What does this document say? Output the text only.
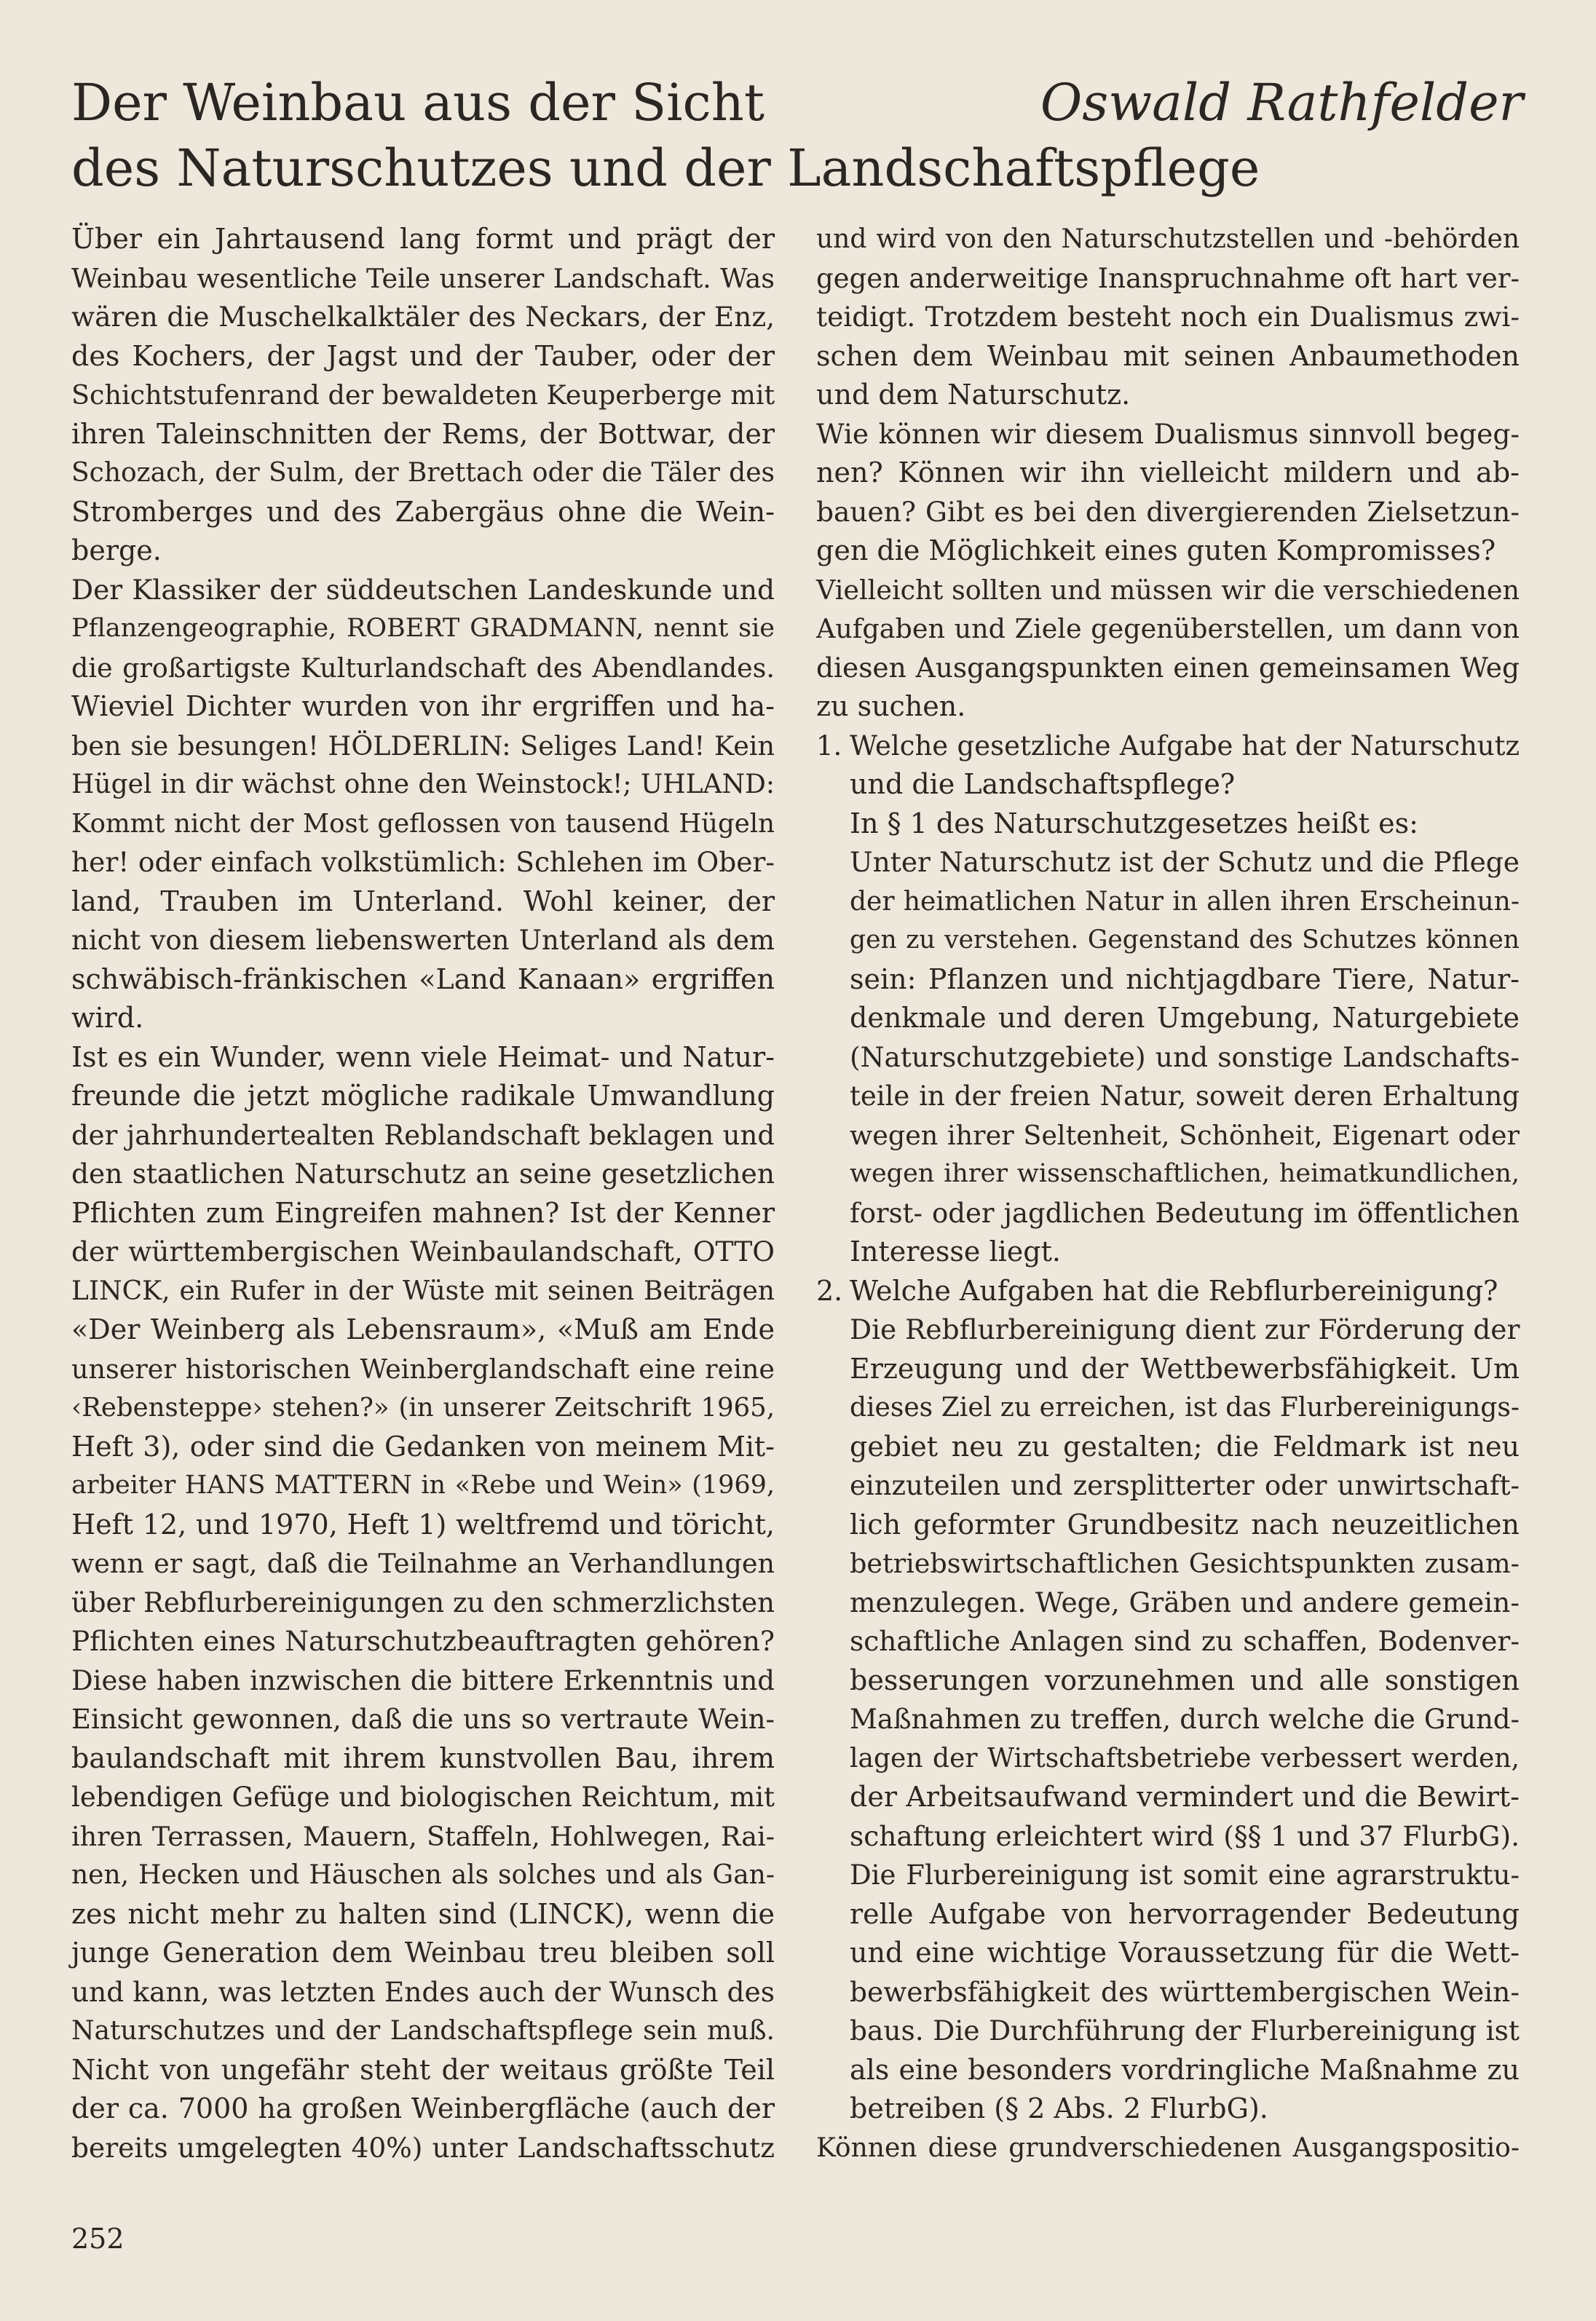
Der Weinbau aus der Sicht
des Naturschutzes und der Landschaftspflege
Oswald Rathfelder
Über ein Jahrtausend lang formt und prägt der
Weinbau wesentliche Teile unserer Landschaft. Was
wären die Muschelkalktäler des Neckars, der Enz,
des Kochers, der Jagst und der Tauber, oder der
Schichtstufenrand der bewaldeten Keuperberge mit
ihren Taleinschnitten der Rems, der Bottwar, der
Schozach, der Sulm, der Brettach oder die Täler des
Stromberges und des Zabergäus ohne die Wein-
berge.
Der Klassiker der süddeutschen Landeskunde und
Pflanzengeographie, ROBERT GRADMANN, nennt sie
die großartigste Kulturlandschaft des Abendlandes.
Wieviel Dichter wurden von ihr ergriffen und ha-
ben sie besungen! HÖLDERLIN: Seliges Land! Kein
Hügel in dir wächst ohne den Weinstock!; UHLAND:
Kommt nicht der Most geflossen von tausend Hügeln
her! oder einfach volkstümlich: Schlehen im Ober-
land, Trauben im Unterland. Wohl keiner, der
nicht von diesem liebenswerten Unterland als dem
schwäbisch-fränkischen «Land Kanaan» ergriffen
wird.
Ist es ein Wunder, wenn viele Heimat- und Natur-
freunde die jetzt mögliche radikale Umwandlung
der jahrhundertealten Reblandschaft beklagen und
den staatlichen Naturschutz an seine gesetzlichen
Pflichten zum Eingreifen mahnen? Ist der Kenner
der württembergischen Weinbaulandschaft, OTTO
LINCK, ein Rufer in der Wüste mit seinen Beiträgen
«Der Weinberg als Lebensraum», «Muß am Ende
unserer historischen Weinberglandschaft eine reine
‹Rebensteppe› stehen?» (in unserer Zeitschrift 1965,
Heft 3), oder sind die Gedanken von meinem Mit-
arbeiter HANS MATTERN in «Rebe und Wein» (1969,
Heft 12, und 1970, Heft 1) weltfremd und töricht,
wenn er sagt, daß die Teilnahme an Verhandlungen
über Rebflurbereinigungen zu den schmerzlichsten
Pflichten eines Naturschutzbeauftragten gehören?
Diese haben inzwischen die bittere Erkenntnis und
Einsicht gewonnen, daß die uns so vertraute Wein-
baulandschaft mit ihrem kunstvollen Bau, ihrem
lebendigen Gefüge und biologischen Reichtum, mit
ihren Terrassen, Mauern, Staffeln, Hohlwegen, Rai-
nen, Hecken und Häuschen als solches und als Gan-
zes nicht mehr zu halten sind (LINCK), wenn die
junge Generation dem Weinbau treu bleiben soll
und kann, was letzten Endes auch der Wunsch des
Naturschutzes und der Landschaftspflege sein muß.
Nicht von ungefähr steht der weitaus größte Teil
der ca. 7000 ha großen Weinbergfläche (auch der
bereits umgelegten 40%) unter Landschaftsschutz
und wird von den Naturschutzstellen und -behörden
gegen anderweitige Inanspruchnahme oft hart ver-
teidigt. Trotzdem besteht noch ein Dualismus zwi-
schen dem Weinbau mit seinen Anbaumethoden
und dem Naturschutz.
Wie können wir diesem Dualismus sinnvoll begeg-
nen? Können wir ihn vielleicht mildern und ab-
bauen? Gibt es bei den divergierenden Zielsetzun-
gen die Möglichkeit eines guten Kompromisses?
Vielleicht sollten und müssen wir die verschiedenen
Aufgaben und Ziele gegenüberstellen, um dann von
diesen Ausgangspunkten einen gemeinsamen Weg
zu suchen.
1. Welche gesetzliche Aufgabe hat der Naturschutz
und die Landschaftspflege?
In § 1 des Naturschutzgesetzes heißt es:
Unter Naturschutz ist der Schutz und die Pflege
der heimatlichen Natur in allen ihren Erscheinun-
gen zu verstehen. Gegenstand des Schutzes können
sein: Pflanzen und nichtjagdbare Tiere, Natur-
denkmale und deren Umgebung, Naturgebiete
(Naturschutzgebiete) und sonstige Landschafts-
teile in der freien Natur, soweit deren Erhaltung
wegen ihrer Seltenheit, Schönheit, Eigenart oder
wegen ihrer wissenschaftlichen, heimatkundlichen,
forst- oder jagdlichen Bedeutung im öffentlichen
Interesse liegt.
2. Welche Aufgaben hat die Rebflurbereinigung?
Die Rebflurbereinigung dient zur Förderung der
Erzeugung und der Wettbewerbsfähigkeit. Um
dieses Ziel zu erreichen, ist das Flurbereinigungs-
gebiet neu zu gestalten; die Feldmark ist neu
einzuteilen und zersplitterter oder unwirtschaft-
lich geformter Grundbesitz nach neuzeitlichen
betriebswirtschaftlichen Gesichtspunkten zusam-
menzulegen. Wege, Gräben und andere gemein-
schaftliche Anlagen sind zu schaffen, Bodenver-
besserungen vorzunehmen und alle sonstigen
Maßnahmen zu treffen, durch welche die Grund-
lagen der Wirtschaftsbetriebe verbessert werden,
der Arbeitsaufwand vermindert und die Bewirt-
schaftung erleichtert wird (§§ 1 und 37 FlurbG).
Die Flurbereinigung ist somit eine agrarstruktu-
relle Aufgabe von hervorragender Bedeutung
und eine wichtige Voraussetzung für die Wett-
bewerbsfähigkeit des württembergischen Wein-
baus. Die Durchführung der Flurbereinigung ist
als eine besonders vordringliche Maßnahme zu
betreiben (§ 2 Abs. 2 FlurbG).
Können diese grundverschiedenen Ausgangspositio-
252
